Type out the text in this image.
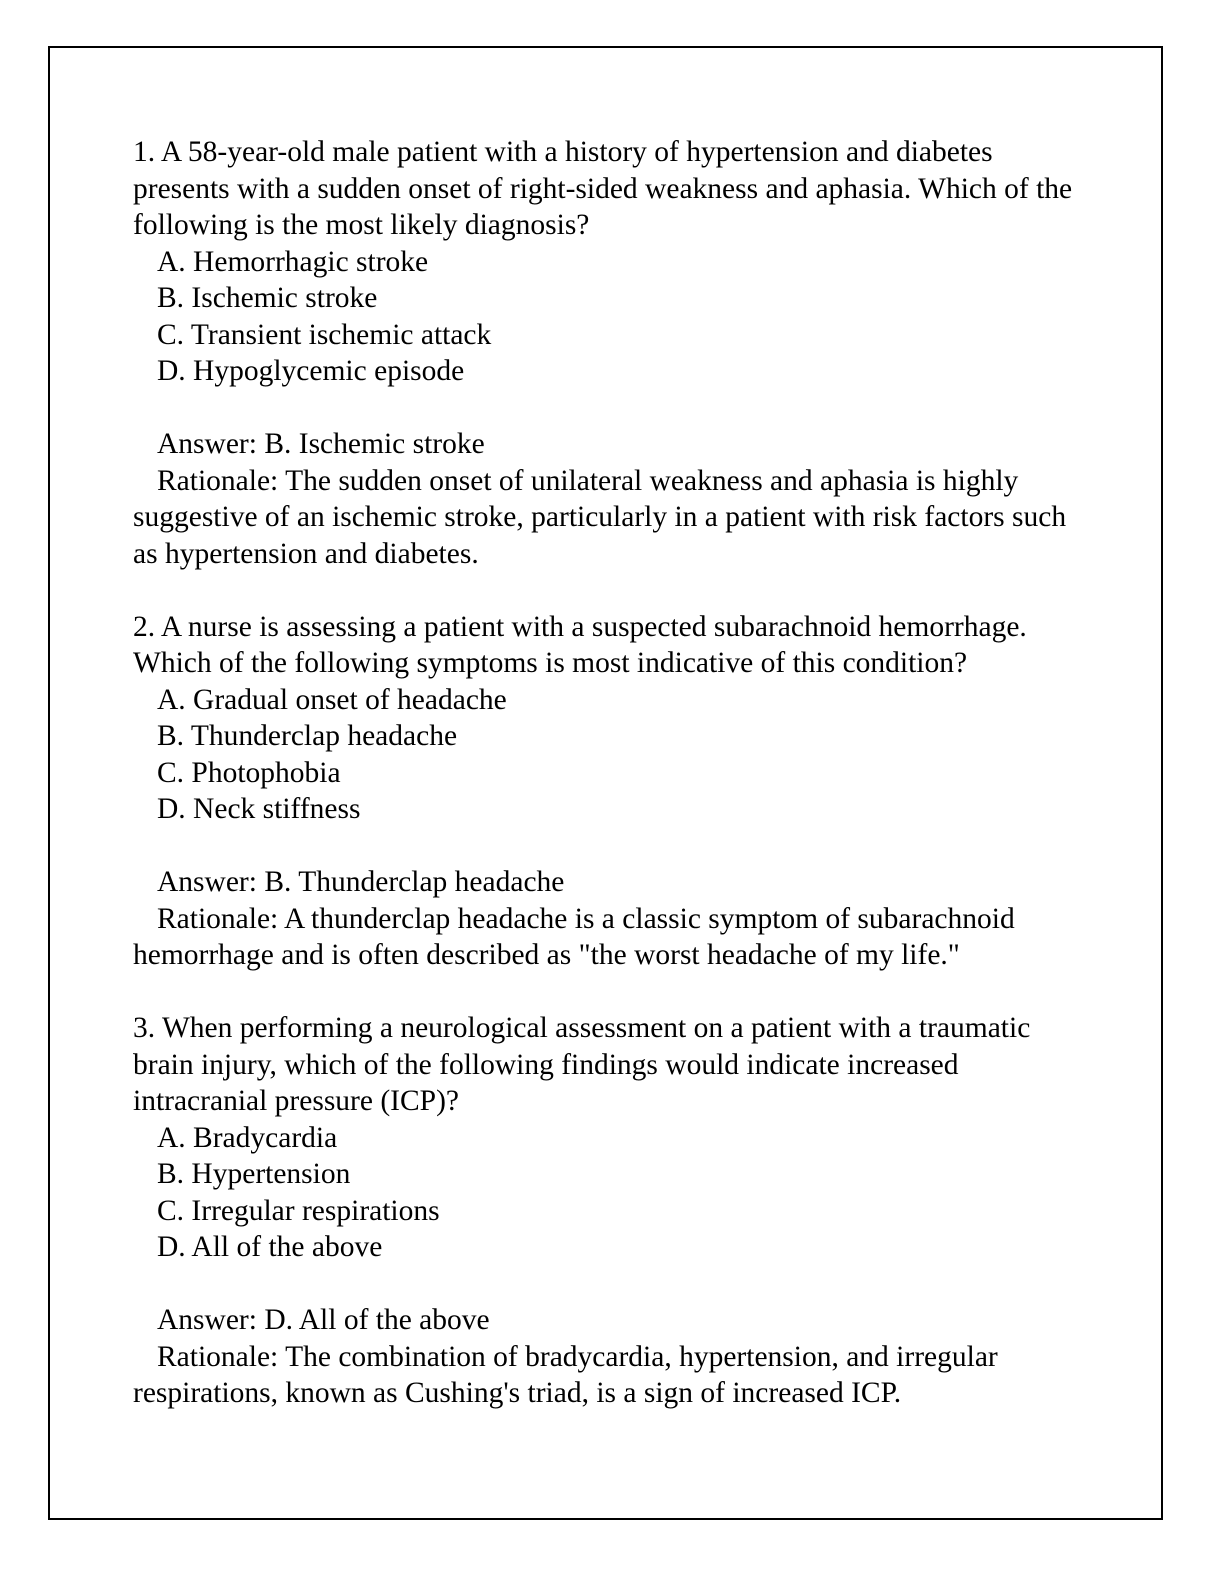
1. A 58-year-old male patient with a history of hypertension and diabetes presents with a sudden onset of right-sided weakness and aphasia. Which of the following is the most likely diagnosis?
A. Hemorrhagic stroke
B. Ischemic stroke
C. Transient ischemic attack
D. Hypoglycemic episode
Answer: B. Ischemic stroke
Rationale: The sudden onset of unilateral weakness and aphasia is highly suggestive of an ischemic stroke, particularly in a patient with risk factors such as hypertension and diabetes.
2. A nurse is assessing a patient with a suspected subarachnoid hemorrhage. Which of the following symptoms is most indicative of this condition?
A. Gradual onset of headache
B. Thunderclap headache
C. Photophobia
D. Neck stiffness
Answer: B. Thunderclap headache
Rationale: A thunderclap headache is a classic symptom of subarachnoid hemorrhage and is often described as "the worst headache of my life."
3. When performing a neurological assessment on a patient with a traumatic brain injury, which of the following findings would indicate increased intracranial pressure (ICP)?
A. Bradycardia
B. Hypertension
C. Irregular respirations
D. All of the above
Answer: D. All of the above
Rationale: The combination of bradycardia, hypertension, and irregular respirations, known as Cushing's triad, is a sign of increased ICP.
